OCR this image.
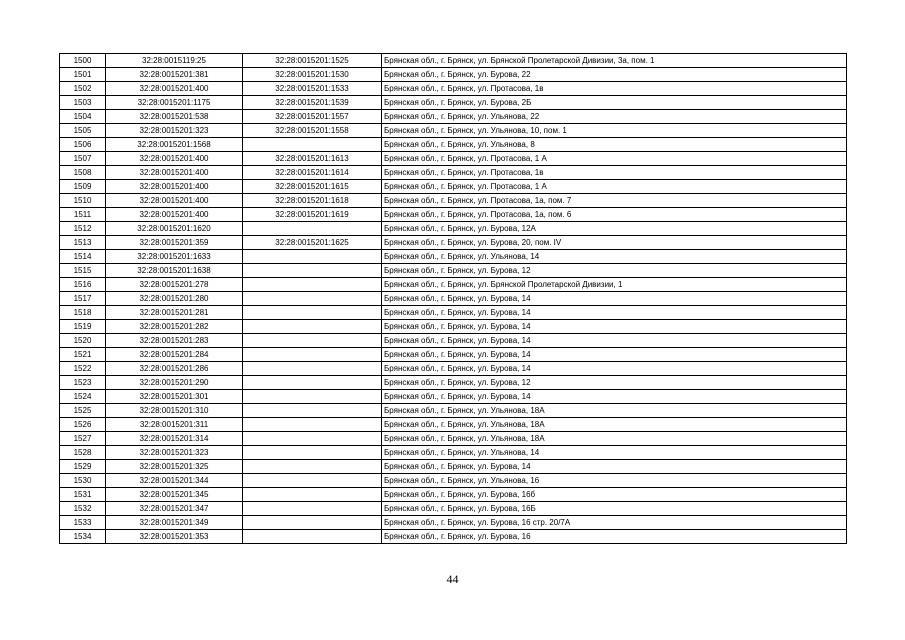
1500	32:28:0015119:25	32:28:0015201:1525	Брянская обл., г. Брянск, ул. Брянской Пролетарской Дивизии, 3а, пом. 1
1501	32:28:0015201:381	32:28:0015201:1530	Брянская обл., г. Брянск, ул. Бурова, 22
1502	32:28:0015201:400	32:28:0015201:1533	Брянская обл., г. Брянск, ул. Протасова, 1в
1503	32:28:0015201:1175	32:28:0015201:1539	Брянская обл., г. Брянск, ул. Бурова, 2Б
1504	32:28:0015201:538	32:28:0015201:1557	Брянская обл., г. Брянск, ул. Ульянова, 22
1505	32:28:0015201:323	32:28:0015201:1558	Брянская обл., г. Брянск, ул. Ульянова, 10, пом. 1
1506	32:28:0015201:1568		Брянская обл., г. Брянск, ул. Ульянова, 8
1507	32:28:0015201:400	32:28:0015201:1613	Брянская обл., г. Брянск, ул. Протасова, 1 А
1508	32:28:0015201:400	32:28:0015201:1614	Брянская обл., г. Брянск, ул. Протасова, 1в
1509	32:28:0015201:400	32:28:0015201:1615	Брянская обл., г. Брянск, ул. Протасова, 1 А
1510	32:28:0015201:400	32:28:0015201:1618	Брянская обл., г. Брянск, ул. Протасова, 1а, пом. 7
1511	32:28:0015201:400	32:28:0015201:1619	Брянская обл., г. Брянск, ул. Протасова, 1а, пом. 6
1512	32:28:0015201:1620		Брянская обл., г. Брянск, ул. Бурова, 12А
1513	32:28:0015201:359	32:28:0015201:1625	Брянская обл., г. Брянск, ул. Бурова, 20, пом. IV
1514	32:28:0015201:1633		Брянская обл., г. Брянск, ул. Ульянова, 14
1515	32:28:0015201:1638		Брянская обл., г. Брянск, ул. Бурова, 12
1516	32:28:0015201:278		Брянская обл., г. Брянск, ул. Брянской Пролетарской Дивизии, 1
1517	32:28:0015201:280		Брянская обл., г. Брянск, ул. Бурова, 14
1518	32:28:0015201:281		Брянская обл., г. Брянск, ул. Бурова, 14
1519	32:28:0015201:282		Брянская обл., г. Брянск, ул. Бурова, 14
1520	32:28:0015201:283		Брянская обл., г. Брянск, ул. Бурова, 14
1521	32:28:0015201:284		Брянская обл., г. Брянск, ул. Бурова, 14
1522	32:28:0015201:286		Брянская обл., г. Брянск, ул. Бурова, 14
1523	32:28:0015201:290		Брянская обл., г. Брянск, ул. Бурова, 12
1524	32:28:0015201:301		Брянская обл., г. Брянск, ул. Бурова, 14
1525	32:28:0015201:310		Брянская обл., г. Брянск, ул. Ульянова, 18А
1526	32:28:0015201:311		Брянская обл., г. Брянск, ул. Ульянова, 18А
1527	32:28:0015201:314		Брянская обл., г. Брянск, ул. Ульянова, 18А
1528	32:28:0015201:323		Брянская обл., г. Брянск, ул. Ульянова, 14
1529	32:28:0015201:325		Брянская обл., г. Брянск, ул. Бурова, 14
1530	32:28:0015201:344		Брянская обл., г. Брянск, ул. Ульянова, 16
1531	32:28:0015201:345		Брянская обл., г. Брянск, ул. Бурова, 16б
1532	32:28:0015201:347		Брянская обл., г. Брянск, ул. Бурова, 16Б
1533	32:28:0015201:349		Брянская обл., г. Брянск, ул. Бурова, 16 стр. 20/7А
1534	32:28:0015201:353		Брянская обл., г. Брянск, ул. Бурова, 16
44
